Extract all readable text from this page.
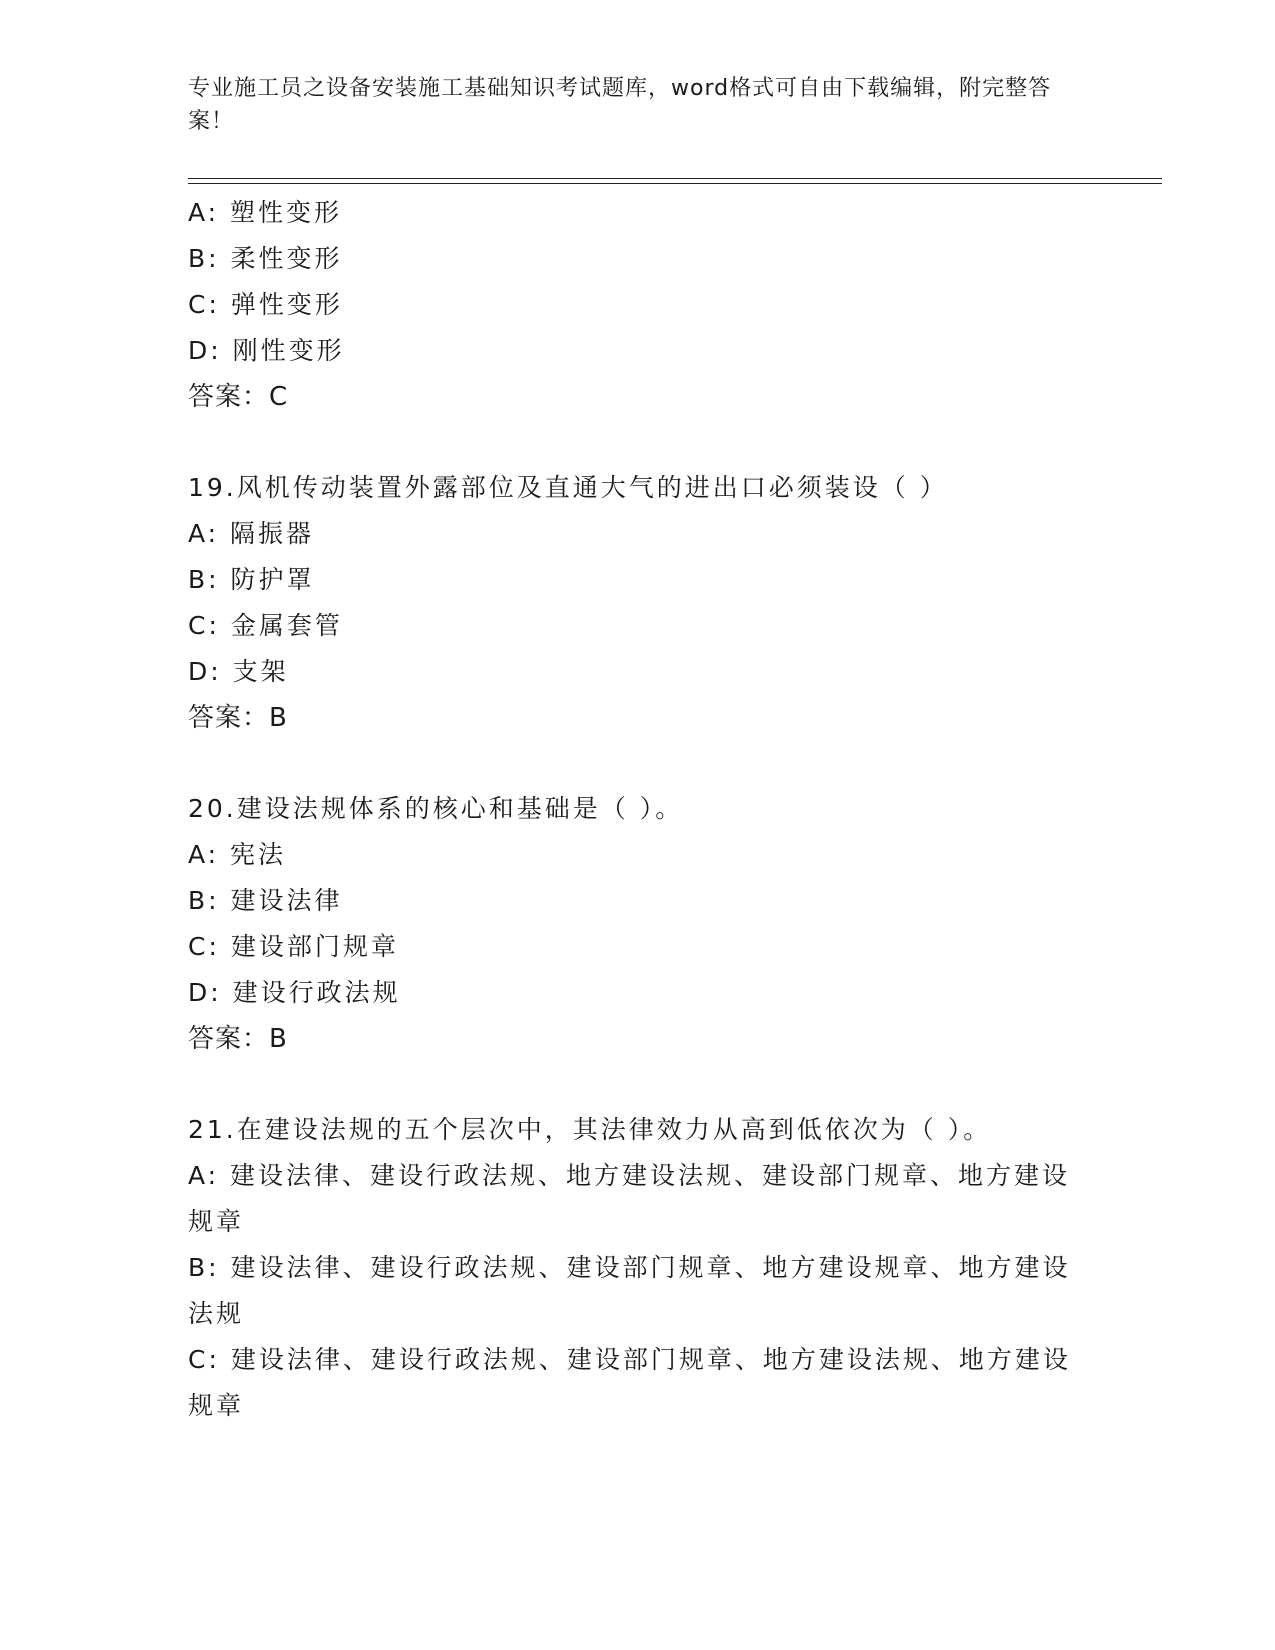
专业施工员之设备安装施工基础知识考试题库，word格式可自由下载编辑，附完整答案！
A: 塑性变形
B: 柔性变形
C: 弹性变形
D: 刚性变形
答案：C
19.风机传动装置外露部位及直通大气的进出口必须装设（ ）
A: 隔振器
B: 防护罩
C: 金属套管
D: 支架
答案：B
20.建设法规体系的核心和基础是（ ）。
A: 宪法
B: 建设法律
C: 建设部门规章
D: 建设行政法规
答案：B
21.在建设法规的五个层次中，其法律效力从高到低依次为（ ）。
A: 建设法律、建设行政法规、地方建设法规、建设部门规章、地方建设规章
B: 建设法律、建设行政法规、建设部门规章、地方建设规章、地方建设法规
C: 建设法律、建设行政法规、建设部门规章、地方建设法规、地方建设规章
